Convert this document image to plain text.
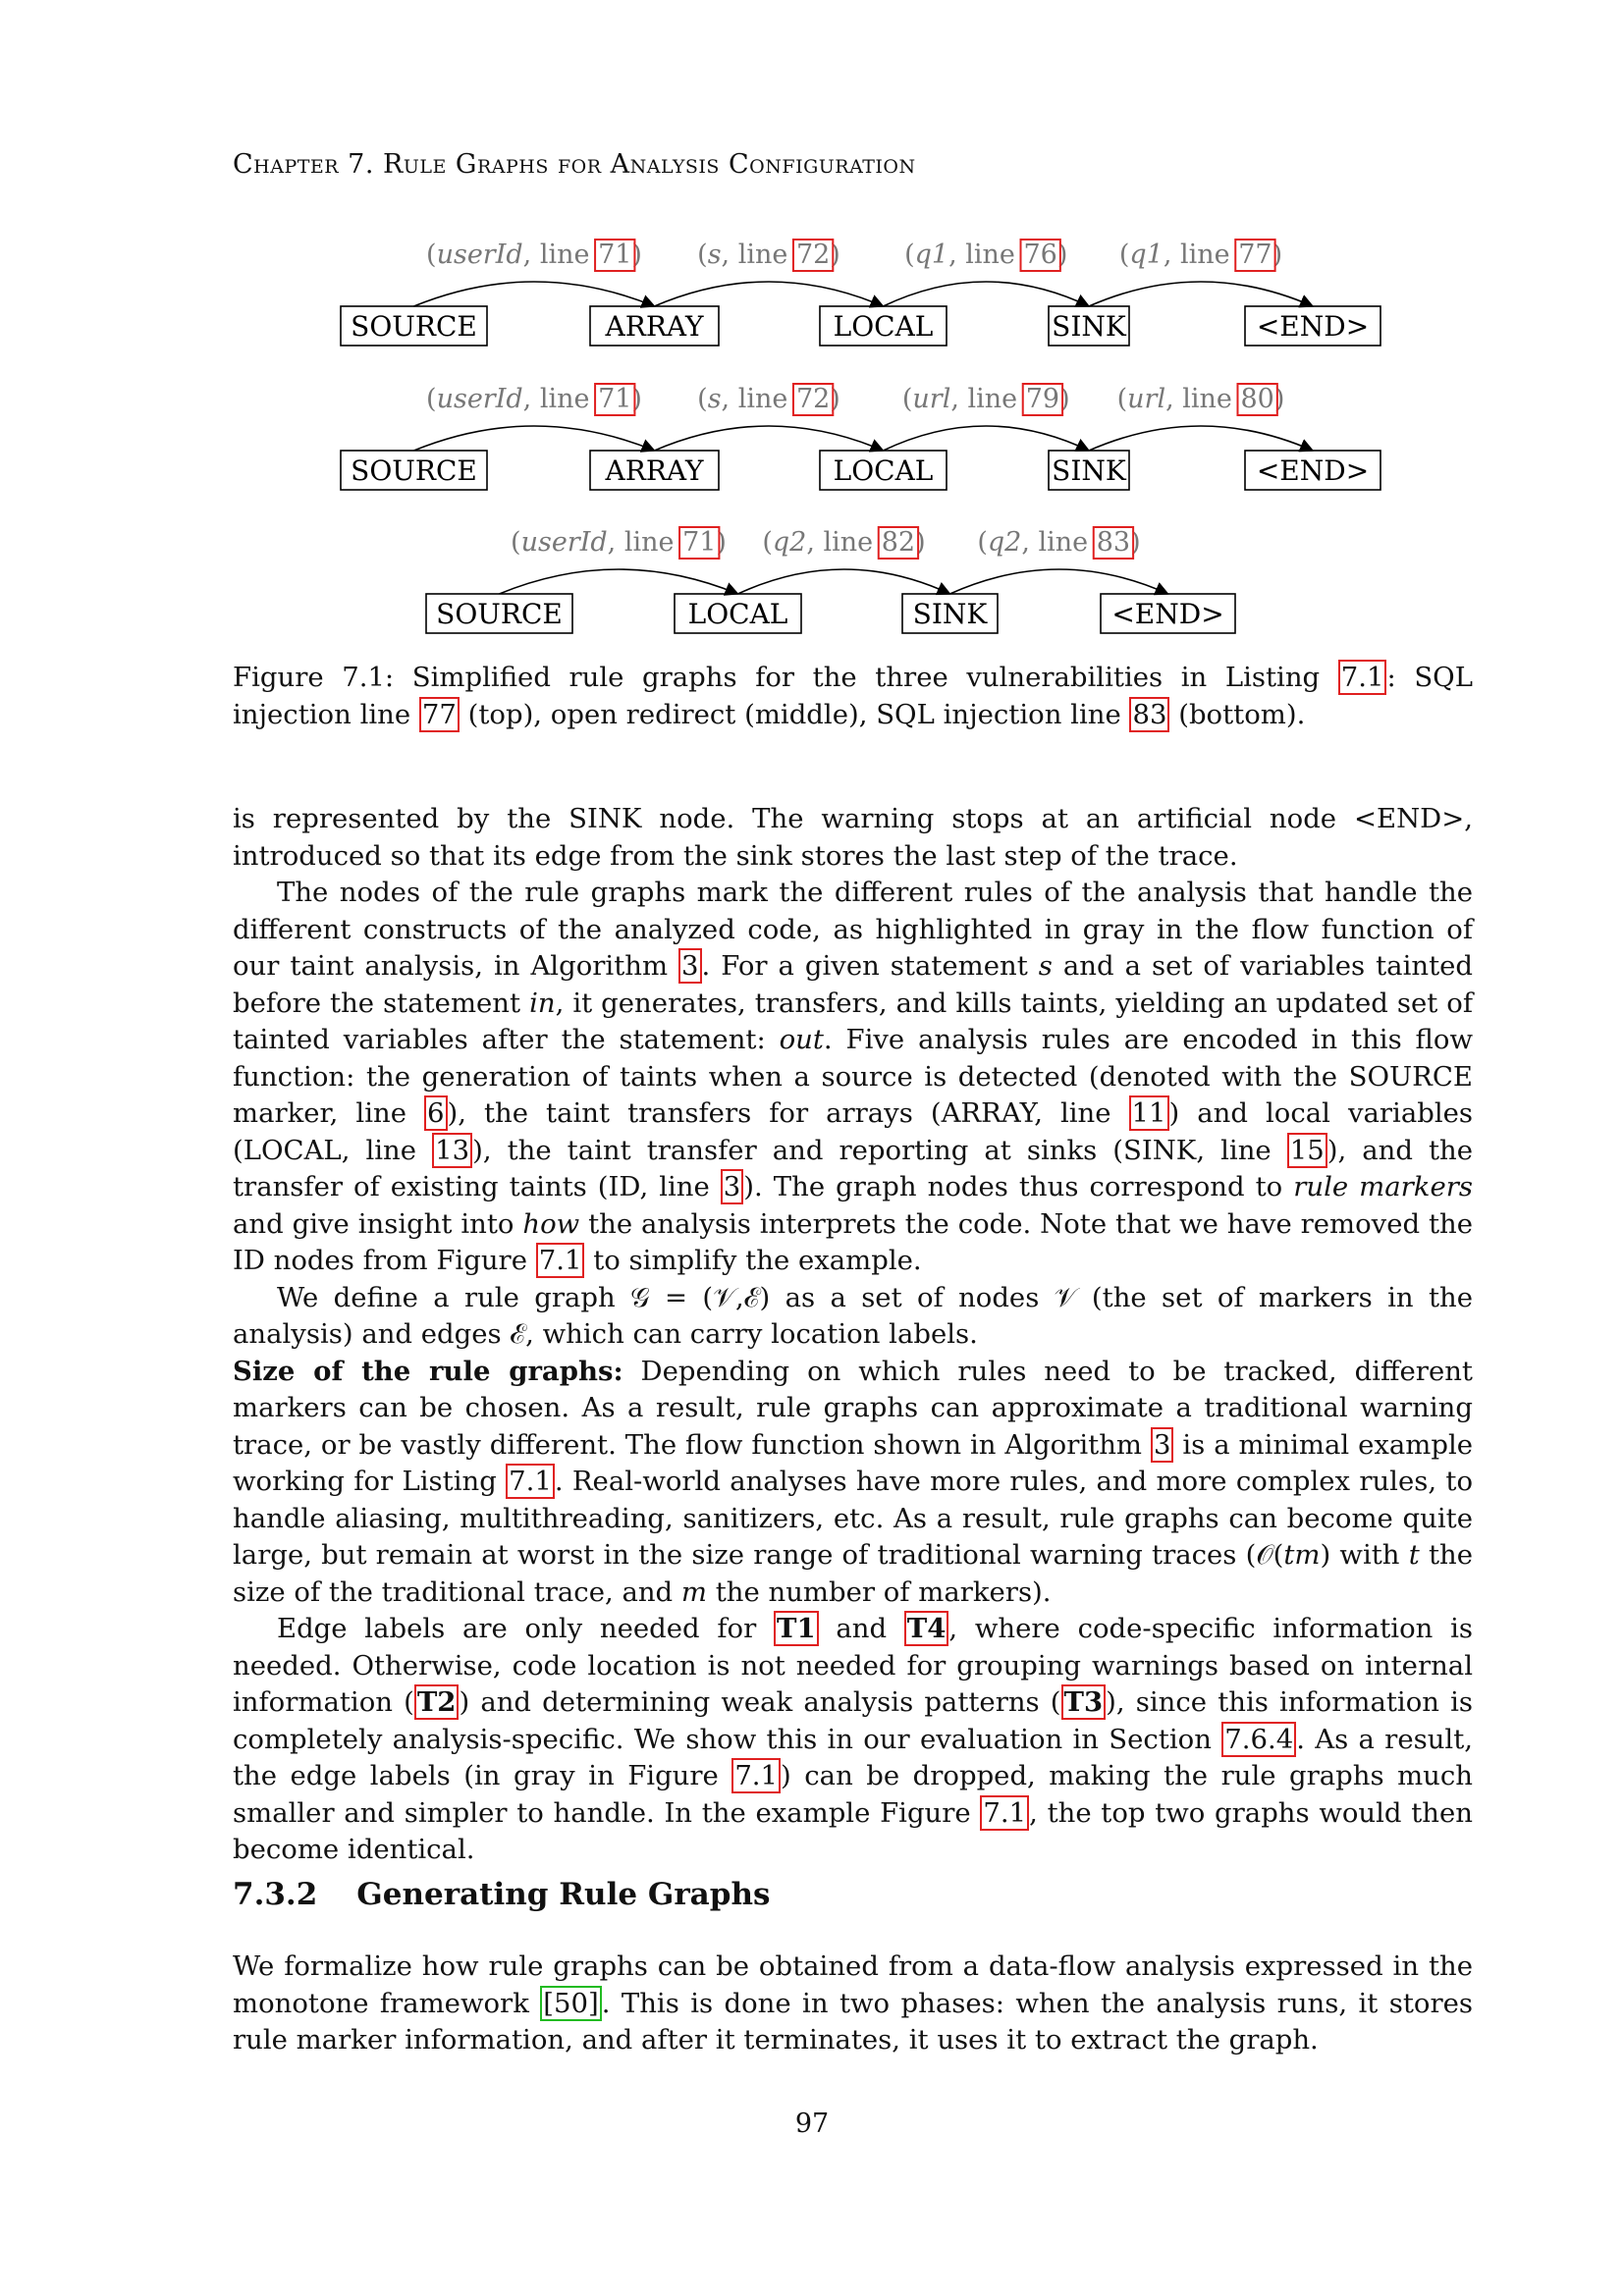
Chapter 7. Rule Graphs for Analysis Configuration
SOURCE	ARRAY	LOCAL	SINK	<END>
(userId, line 71) (s, line 72) (q1, line 76) (q1, line 77)
SOURCE	ARRAY	LOCAL	SINK	<END>
(userId, line 71) (s, line 72) (url, line 79) (url, line 80)
SOURCE	LOCAL	SINK	<END>
(userId, line 71) (q2, line 82) (q2, line 83)
Figure 7.1: Simplified rule graphs for the three vulnerabilities in Listing 7.1 : SQL injection line 77 (top), open redirect (middle), SQL injection line 83 (bottom).

is represented by the SINK node. The warning stops at an artificial node <END>, introduced so that its edge from the sink stores the last step of the trace.

The nodes of the rule graphs mark the different rules of the analysis that handle the different constructs of the analyzed code, as highlighted in gray in the flow function of our taint analysis, in Algorithm 3 . For a given statement s and a set of variables tainted before the statement in, it generates, transfers, and kills taints, yielding an updated set of tainted variables after the statement: out. Five analysis rules are encoded in this flow function: the generation of taints when a source is detected (denoted with the SOURCE marker, line 6 ), the taint transfers for arrays (ARRAY, line 11 ) and local variables (LOCAL, line 13 ), the taint transfer and reporting at sinks (SINK, line 15 ), and the transfer of existing taints (ID, line 3 ). The graph nodes thus correspond to rule markers and give insight into how the analysis interprets the code. Note that we have removed the ID nodes from Figure 7.1 to simplify the example.

We define a rule graph 𝒢 = (𝒱,ℰ) as a set of nodes 𝒱 (the set of markers in the analysis) and edges ℰ, which can carry location labels.

Size of the rule graphs: Depending on which rules need to be tracked, different markers can be chosen. As a result, rule graphs can approximate a traditional warning trace, or be vastly different. The flow function shown in Algorithm 3 is a minimal example working for Listing 7.1 . Real-world analyses have more rules, and more complex rules, to handle aliasing, multithreading, sanitizers, etc. As a result, rule graphs can become quite large, but remain at worst in the size range of traditional warning traces (𝒪(tm) with t the size of the traditional trace, and m the number of markers).

Edge labels are only needed for T1 and T4 , where code-specific information is needed. Otherwise, code location is not needed for grouping warnings based on internal information ( T2 ) and determining weak analysis patterns ( T3 ), since this information is completely analysis-specific. We show this in our evaluation in Section 7.6.4 . As a result, the edge labels (in gray in Figure 7.1 ) can be dropped, making the rule graphs much smaller and simpler to handle. In the example Figure 7.1 , the top two graphs would then become identical.

7.3.2 Generating Rule Graphs

We formalize how rule graphs can be obtained from a data-flow analysis expressed in the monotone framework [50] . This is done in two phases: when the analysis runs, it stores rule marker information, and after it terminates, it uses it to extract the graph.

97
